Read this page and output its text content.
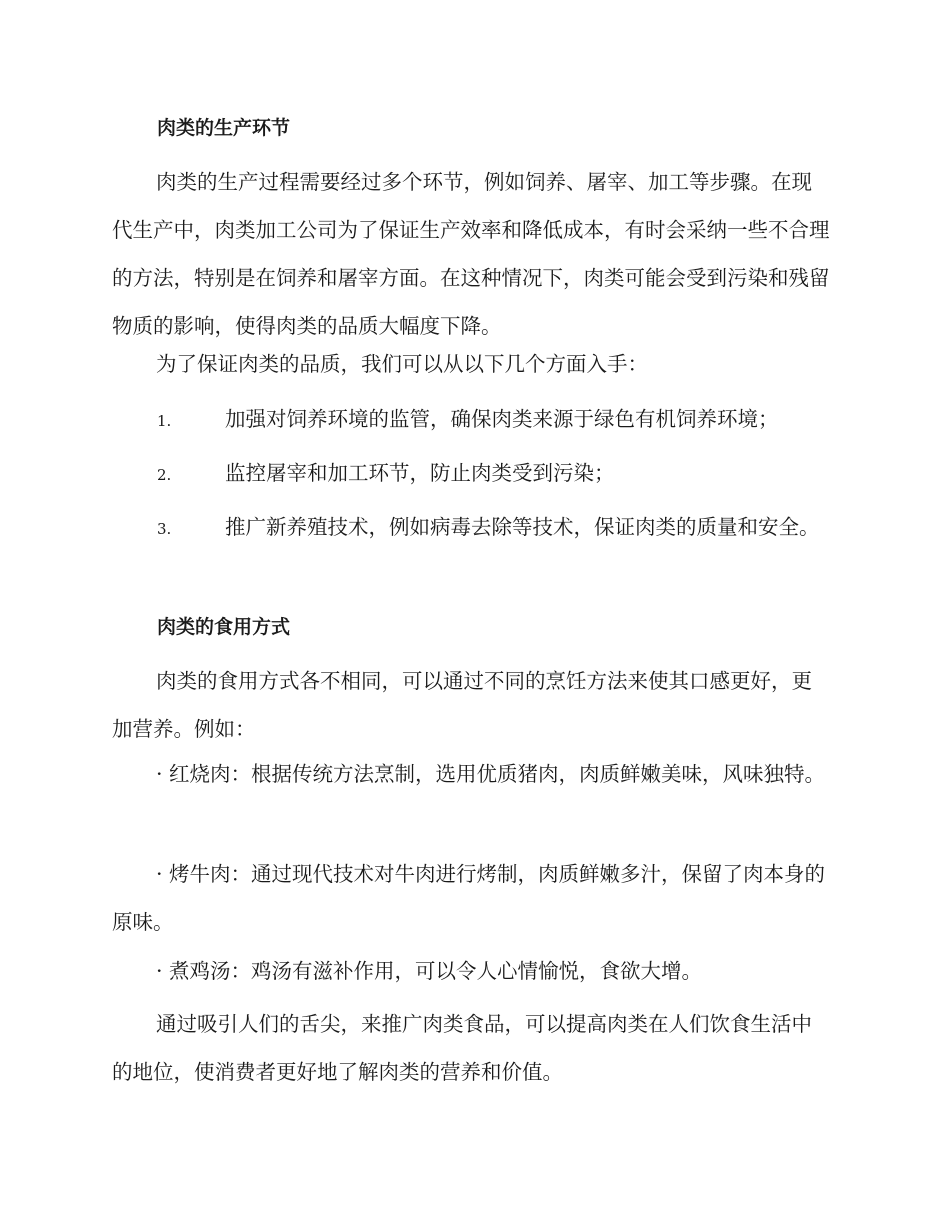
肉类的生产环节
肉类的生产过程需要经过多个环节，例如饲养、屠宰、加工等步骤。在现代生产中，肉类加工公司为了保证生产效率和降低成本，有时会采纳一些不合理的方法，特别是在饲养和屠宰方面。在这种情况下，肉类可能会受到污染和残留物质的影响，使得肉类的品质大幅度下降。
为了保证肉类的品质，我们可以从以下几个方面入手：
1.	加强对饲养环境的监管，确保肉类来源于绿色有机饲养环境；
2.	监控屠宰和加工环节，防止肉类受到污染；
3.	推广新养殖技术，例如病毒去除等技术，保证肉类的质量和安全。
肉类的食用方式
肉类的食用方式各不相同，可以通过不同的烹饪方法来使其口感更好，更加营养。例如：
· 红烧肉：根据传统方法烹制，选用优质猪肉，肉质鲜嫩美味，风味独特。
· 烤牛肉：通过现代技术对牛肉进行烤制，肉质鲜嫩多汁，保留了肉本身的原味。
· 煮鸡汤：鸡汤有滋补作用，可以令人心情愉悦，食欲大增。
通过吸引人们的舌尖，来推广肉类食品，可以提高肉类在人们饮食生活中的地位，使消费者更好地了解肉类的营养和价值。
